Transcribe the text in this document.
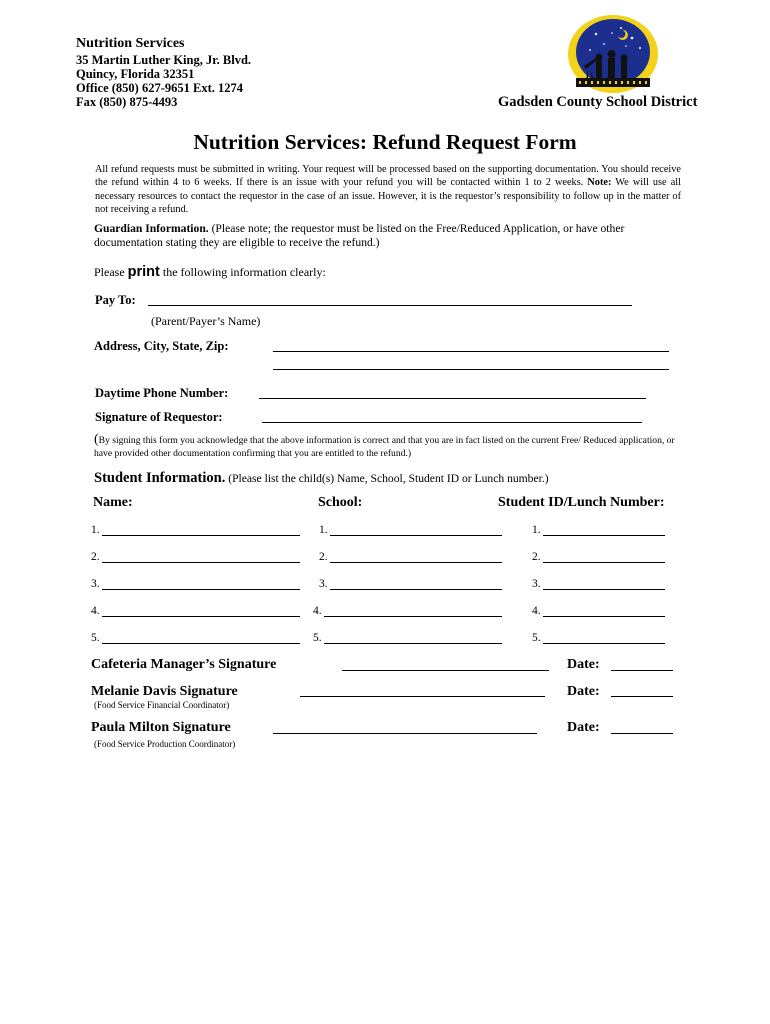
Nutrition Services
35 Martin Luther King, Jr. Blvd.
Quincy, Florida 32351
Office (850) 627-9651 Ext. 1274
Fax (850) 875-4493	Gadsden County School District
Nutrition Services: Refund Request Form
All refund requests must be submitted in writing. Your request will be processed based on the supporting documentation. You should receive the refund within 4 to 6 weeks. If there is an issue with your refund you will be contacted within 1 to 2 weeks. Note: We will use all necessary resources to contact the requestor in the case of an issue. However, it is the requestor’s responsibility to follow up in the matter of not receiving a refund.
Guardian Information. (Please note; the requestor must be listed on the Free/Reduced Application, or have other documentation stating they are eligible to receive the refund.)
Please print the following information clearly:
Pay To:
(Parent/Payer’s Name)
Address, City, State, Zip:
Daytime Phone Number:
Signature of Requestor:
(By signing this form you acknowledge that the above information is correct and that you are in fact listed on the current Free/ Reduced application, or have provided other documentation confirming that you are entitled to the refund.)
Student Information. (Please list the child(s) Name, School, Student ID or Lunch number.)
Name:	School:	Student ID/Lunch Number:
1.	1.	1.
2.	2.	2.
3.	3.	3.
4.	4.	4.
5.	5.	5.
Cafeteria Manager’s Signature	Date:
Melanie Davis Signature	Date:
(Food Service Financial Coordinator)
Paula Milton Signature	Date:
(Food Service Production Coordinator)
